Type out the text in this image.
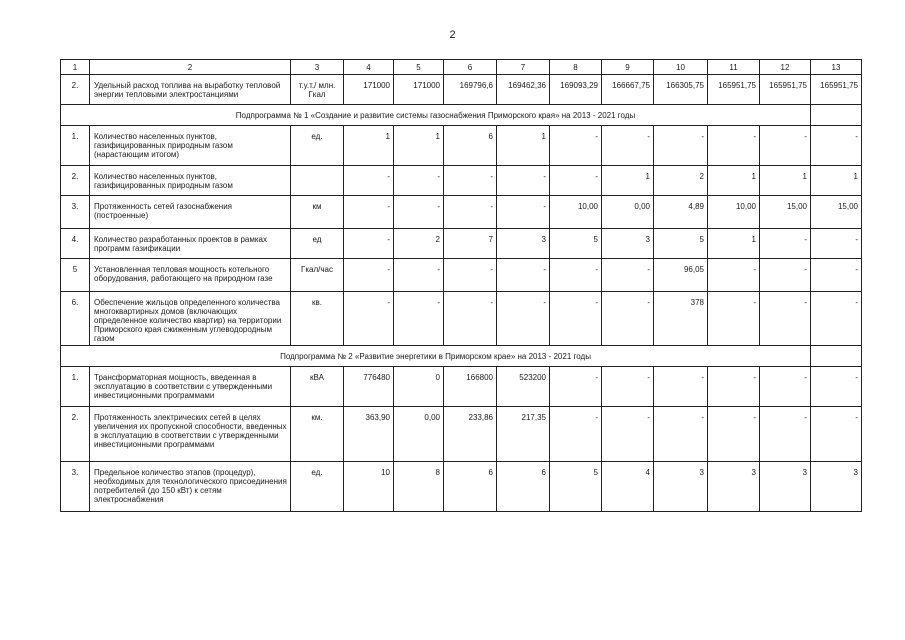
2
1	2	3	4	5	6	7	8	9	10	11	12	13
2.	Удельный расход топлива на выработку тепловой энергии тепловыми электростанциями	т.у.т./ млн. Гкал	171000	171000	169796,6	169462,36	169093,29	166667,75	166305,75	165951,75	165951,75	165951,75
Подпрограмма № 1 «Создание и развитие системы газоснабжения Приморского края» на 2013 - 2021 годы												
1.	Количество населенных пунктов, газифицированных природным газом (нарастающим итогом)	ед.	1	1	6	1	-	-	-	-	-	-
2.	Количество населенных пунктов, газифицированных природным газом		-	-	-	-	-	1	2	1	1	1
3.	Протяженность сетей газоснабжения (построенные)	км	-	-	-	-	10,00	0,00	4,89	10,00	15,00	15,00
4.	Количество разработанных проектов в рамках программ газификации	ед	-	2	7	3	5	3	5	1	-	-
5	Установленная тепловая мощность котельного оборудования, работающего на природном газе	Гкал/час	-	-	-	-	-	-	96,05	-	-	-
6.	Обеспечение жильцов определенного количества многоквартирных домов (включающих определенное количество квартир) на территории Приморского края сжиженным углеводородным газом	кв.	-	-	-	-	-	-	378	-	-	-
Подпрограмма № 2 «Развитие энергетики в Приморском крае» на 2013 - 2021 годы												
1.	Трансформаторная мощность, введенная в эксплуатацию в соответствии с утвержденными инвестиционными программами	кВА	776480	0	166800	523200	-	-	-	-	-	-
2.	Протяженность электрических сетей в целях увеличения их пропускной способности, введенных в эксплуатацию в соответствии с утвержденными инвестиционными программами	км.	363,90	0,00	233,86	217,35	-	-	-	-	-	-
3.	Предельное количество этапов (процедур), необходимых для технологического присоединения потребителей (до 150 кВт) к сетям электроснабжения	ед.	10	8	6	6	5	4	3	3	3	3
